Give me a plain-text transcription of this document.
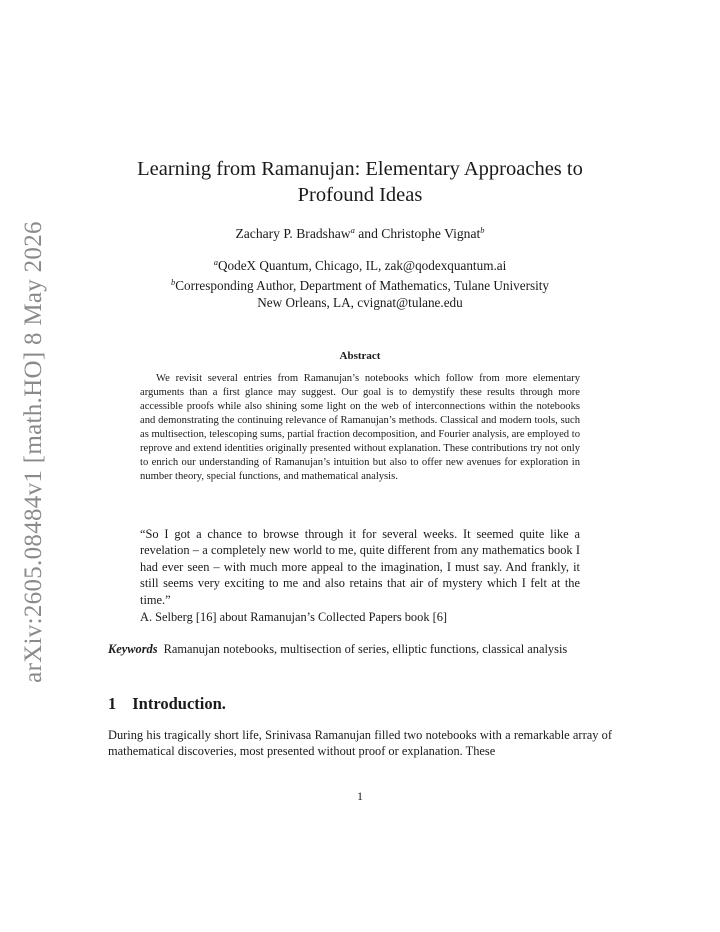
arXiv:2605.08484v1 [math.HO] 8 May 2026
Learning from Ramanujan: Elementary Approaches to
Profound Ideas
Zachary P. Bradshaw$^a$ and Christophe Vignat$^b$
$^a$QodeX Quantum, Chicago, IL, zak@qodexquantum.ai
$^b$Corresponding Author, Department of Mathematics, Tulane University
New Orleans, LA, cvignat@tulane.edu
Abstract

We revisit several entries from Ramanujan’s notebooks which follow from more elementary arguments than a first glance may suggest. Our goal is to demystify these results through more accessible proofs while also shining some light on the web of interconnections within the notebooks and demonstrating the continuing relevance of Ramanujan’s methods. Classical and modern tools, such as multisection, telescoping sums, partial fraction decomposition, and Fourier analysis, are employed to reprove and extend identities originally presented without explanation. These contributions try not only to enrich our understanding of Ramanujan’s intuition but also to offer new avenues for exploration in number theory, special functions, and mathematical analysis.

“So I got a chance to browse through it for several weeks. It seemed quite like a revelation – a completely new world to me, quite different from any mathematics book I had ever seen – with much more appeal to the imagination, I must say. And frankly, it still seems very exciting to me and also retains that air of mystery which I felt at the time.”

A. Selberg [16] about Ramanujan’s Collected Papers book [6]

Keywords Ramanujan notebooks, multisection of series, elliptic functions, classical analysis

1 Introduction.

During his tragically short life, Srinivasa Ramanujan filled two notebooks with a remarkable array of mathematical discoveries, most presented without proof or explanation. These

1
